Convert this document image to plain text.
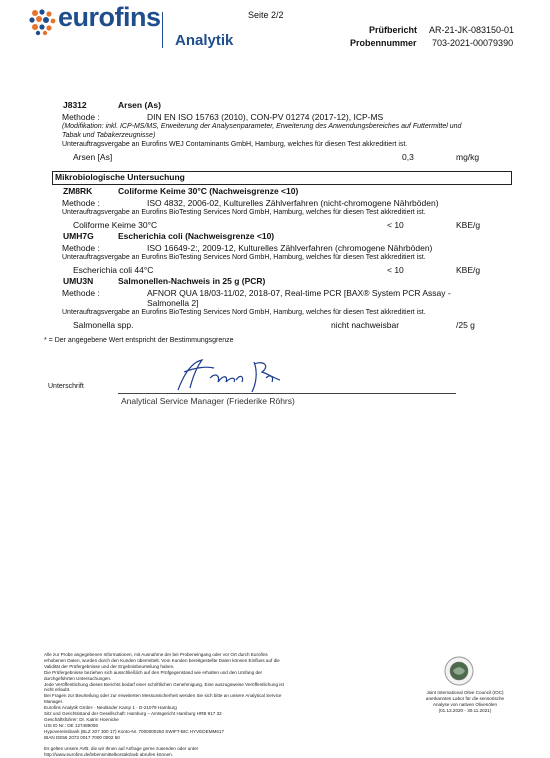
eurofins
Analytik
Seite 2/2
Prüfbericht AR-21-JK-083150-01
Probennummer 703-2021-00079390
J8312	Arsen (As)
Methode :	DIN EN ISO 15763 (2010), CON-PV 01274 (2017-12), ICP-MS
(Modifikation: inkl. ICP-MS/MS, Erweiterung der Analysenparameter, Erweiterung des Anwendungsbereiches auf Futtermittel und
Tabak und Tabakerzeugnisse)
Unterauftragsvergabe an Eurofins WEJ Contaminants GmbH, Hamburg, welches für diesen Test akkreditiert ist.
Arsen [As]	0,3	mg/kg
Mikrobiologische Untersuchung
ZM8RK	Coliforme Keime 30°C (Nachweisgrenze <10)
Methode :	ISO 4832, 2006-02, Kulturelles Zählverfahren (nicht-chromogene Nährböden)
Unterauftragsvergabe an Eurofins BioTesting Services Nord GmbH, Hamburg, welches für diesen Test akkreditiert ist.
Coliforme Keime 30°C	< 10	KBE/g
UMH7G	Escherichia coli (Nachweisgrenze <10)
Methode :	ISO 16649-2:, 2009-12, Kulturelles Zählverfahren (chromogene Nährböden)
Unterauftragsvergabe an Eurofins BioTesting Services Nord GmbH, Hamburg, welches für diesen Test akkreditiert ist.
Escherichia coli 44°C	< 10	KBE/g
UMU3N	Salmonellen-Nachweis in 25 g (PCR)
Methode :	AFNOR QUA 18/03-11/02, 2018-07, Real-time PCR [BAX® System PCR Assay -
Salmonella 2]
Unterauftragsvergabe an Eurofins BioTesting Services Nord GmbH, Hamburg, welches für diesen Test akkreditiert ist.
Salmonella spp.	nicht nachweisbar	/25 g
* = Der angegebene Wert entspricht der Bestimmungsgrenze
Unterschrift
Analytical Service Manager (Friederike Röhrs)
Alle zur Probe angegebenen Informationen, mit Ausnahme der bei Probeneingang oder vor Ort durch Eurofins
erhobenen Daten, wurden durch den Kunden übermittelt. Vom Kunden bereitgestellte Daten können Einfluss auf die
Validität der Prüfergebnisse und der Ergebnisbeurteilung haben.
Die Prüfergebnisse beziehen sich ausschließlich auf den Prüfgegenstand wie erhalten und den Umfang der
durchgeführten Untersuchungen.
Jede Veröffentlichung dieses Berichts bedarf einer schriftlichen Genehmigung. Eine auszugsweise Veröffentlichung ist
nicht erlaubt.
Bei Fragen zur Beurteilung oder zur erweiterten Messunsicherheit wenden Sie sich bitte an unsere Analytical Service
Manager.
Eurofins Analytik GmbH · Neuländer Kamp 1 · D-21079 Hamburg
Sitz und Gerichtsstand der Gesellschaft: Hamburg – Amtsgericht Hamburg HRB 917 32
Geschäftsführer: Dr. Katrin Hoenicke
USt ID Nr.: DE 127489006
Hypovereinsbank (BLZ 207 300 17) Konto-Nr. 7000000250 SWIFT-BIC HYVEDEMM617
IBAN DE56 2073 0017 7000 0002 50
Es gelten unsere AVB, die wir Ihnen auf Anfrage gerne zusenden oder unter
http://www.eurofins.de/lebensmittelkontakt/avb abrufen können.
Joint International Olive Council (IOC)
anerkanntes Labor für die sensorische
Analyse von nativen Olivenölen
(01.12.2020 - 30.11.2021)
